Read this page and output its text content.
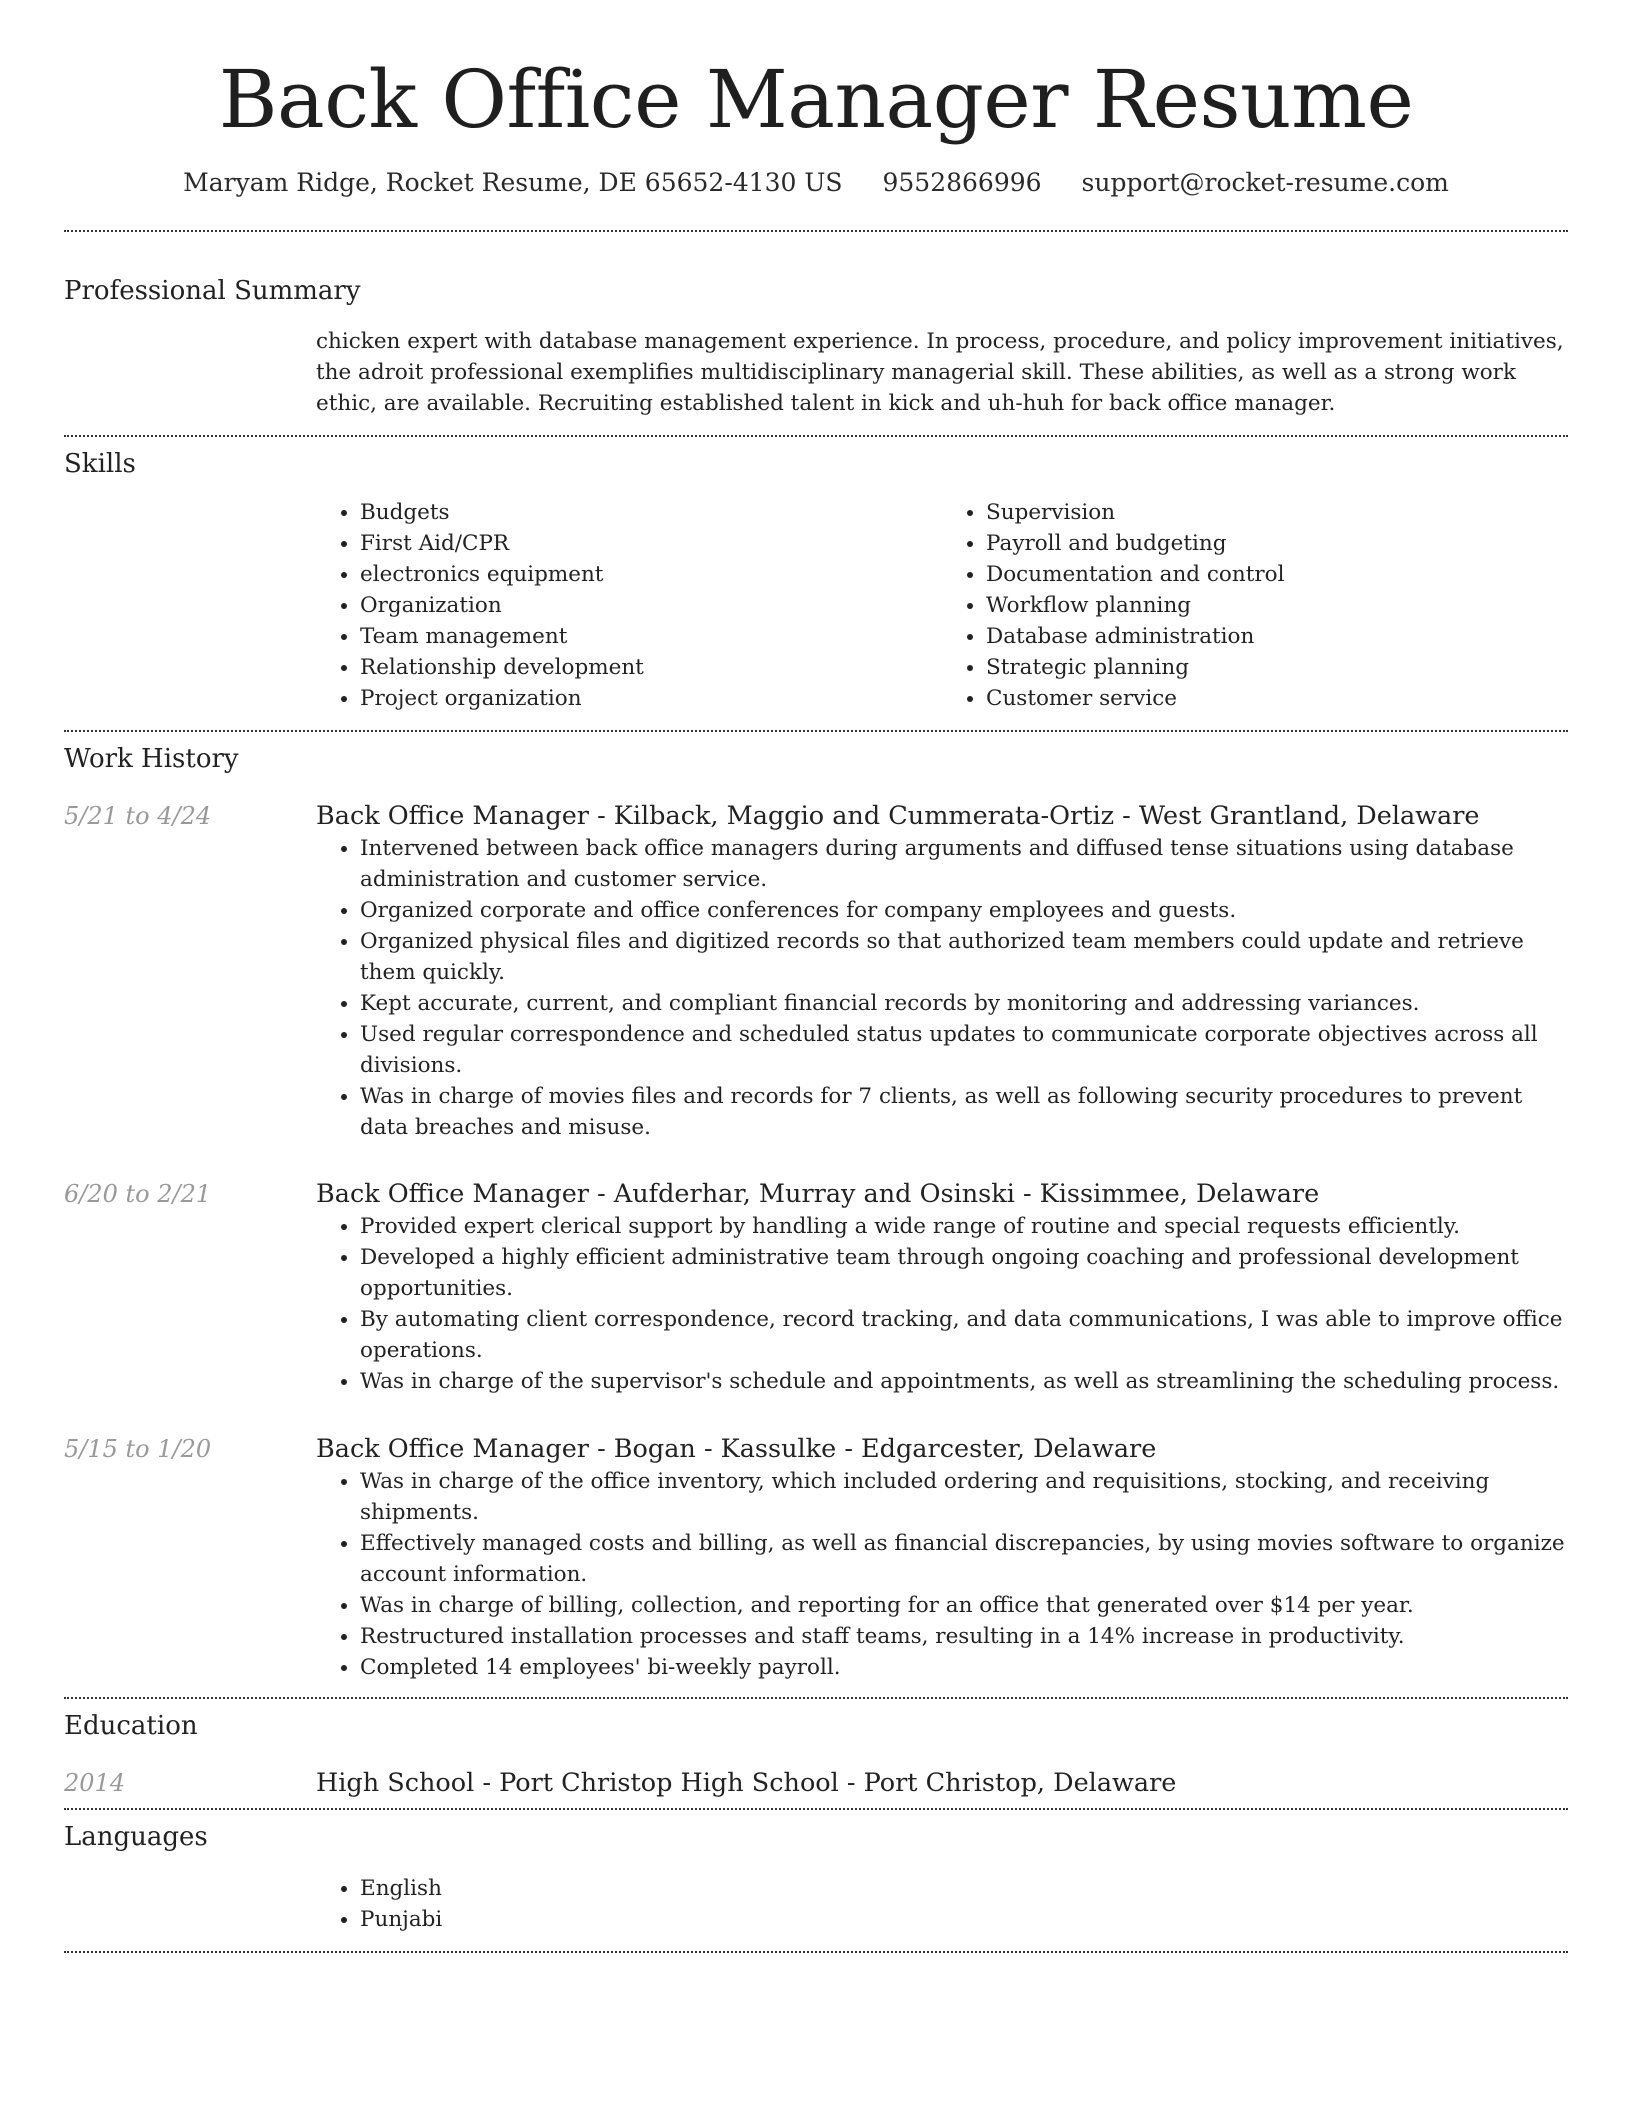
Back Office Manager Resume
Maryam Ridge, Rocket Resume, DE 65652-4130 US 9552866996 support@rocket-resume.com
Professional Summary
chicken expert with database management experience. In process, procedure, and policy improvement initiatives, the adroit professional exemplifies multidisciplinary managerial skill. These abilities, as well as a strong work ethic, are available. Recruiting established talent in kick and uh-huh for back office manager.
Skills
• Budgets
• First Aid/CPR
• electronics equipment
• Organization
• Team management
• Relationship development
• Project organization
• Supervision
• Payroll and budgeting
• Documentation and control
• Workflow planning
• Database administration
• Strategic planning
• Customer service
Work History
5/21 to 4/24	Back Office Manager - Kilback, Maggio and Cummerata-Ortiz - West Grantland, Delaware
• Intervened between back office managers during arguments and diffused tense situations using database administration and customer service.
• Organized corporate and office conferences for company employees and guests.
• Organized physical files and digitized records so that authorized team members could update and retrieve them quickly.
• Kept accurate, current, and compliant financial records by monitoring and addressing variances.
• Used regular correspondence and scheduled status updates to communicate corporate objectives across all divisions.
• Was in charge of movies files and records for 7 clients, as well as following security procedures to prevent data breaches and misuse.
6/20 to 2/21	Back Office Manager - Aufderhar, Murray and Osinski - Kissimmee, Delaware
• Provided expert clerical support by handling a wide range of routine and special requests efficiently.
• Developed a highly efficient administrative team through ongoing coaching and professional development opportunities.
• By automating client correspondence, record tracking, and data communications, I was able to improve office operations.
• Was in charge of the supervisor's schedule and appointments, as well as streamlining the scheduling process.
5/15 to 1/20	Back Office Manager - Bogan - Kassulke - Edgarcester, Delaware
• Was in charge of the office inventory, which included ordering and requisitions, stocking, and receiving shipments.
• Effectively managed costs and billing, as well as financial discrepancies, by using movies software to organize account information.
• Was in charge of billing, collection, and reporting for an office that generated over $14 per year.
• Restructured installation processes and staff teams, resulting in a 14% increase in productivity.
• Completed 14 employees' bi-weekly payroll.
Education
2014	High School - Port Christop High School - Port Christop, Delaware
Languages
• English
• Punjabi
